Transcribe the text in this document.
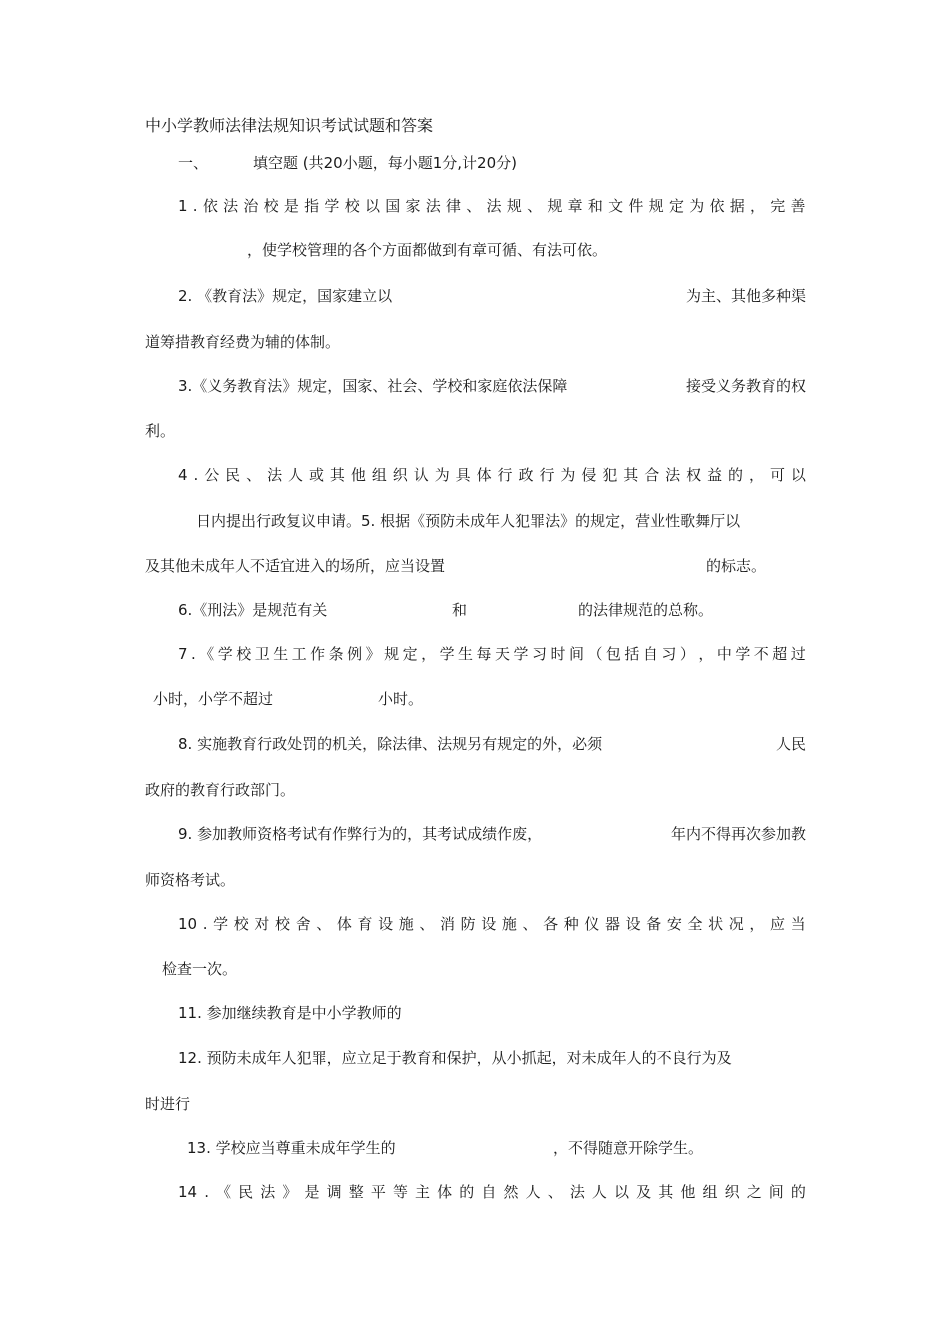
中小学教师法律法规知识考试试题和答案
一、	填空题 (共20小题，每小题1分,计20分)
1 . 依 法 治 校 是 指 学 校 以 国 家 法 律 、 法 规 、 规 章 和 文 件 规 定 为 依 据 ， 完 善
，使学校管理的各个方面都做到有章可循、有法可依。
2. 《教育法》规定，国家建立以	为主、其他多种渠
道筹措教育经费为辅的体制。
3.《义务教育法》规定，国家、社会、学校和家庭依法保障	接受义务教育的权
利。
4 . 公 民 、 法 人 或 其 他 组 织 认 为 具 体 行 政 行 为 侵 犯 其 合 法 权 益 的 ， 可 以
日内提出行政复议申请。5. 根据《预防未成年人犯罪法》的规定，营业性歌舞厅以
及其他未成年人不适宜进入的场所，应当设置	的标志。
6.《刑法》是规范有关	和	的法律规范的总称。
7 . 《 学 校 卫 生 工 作 条 例 》 规 定 ， 学 生 每 天 学 习 时 间 （ 包 括 自 习 ） ， 中 学 不 超 过
小时，小学不超过	小时。
8. 实施教育行政处罚的机关，除法律、法规另有规定的外，必须	人民
政府的教育行政部门。
9. 参加教师资格考试有作弊行为的，其考试成绩作废，	年内不得再次参加教
师资格考试。
10 . 学 校 对 校 舍 、 体 育 设 施 、 消 防 设 施 、 各 种 仪 器 设 备 安 全 状 况 ， 应 当
检查一次。
11. 参加继续教育是中小学教师的
12. 预防未成年人犯罪，应立足于教育和保护，从小抓起，对未成年人的不良行为及
时进行
13. 学校应当尊重未成年学生的	，不得随意开除学生。
14 . 《 民 法 》 是 调 整 平 等 主 体 的 自 然 人 、 法 人 以 及 其 他 组 织 之 间 的
